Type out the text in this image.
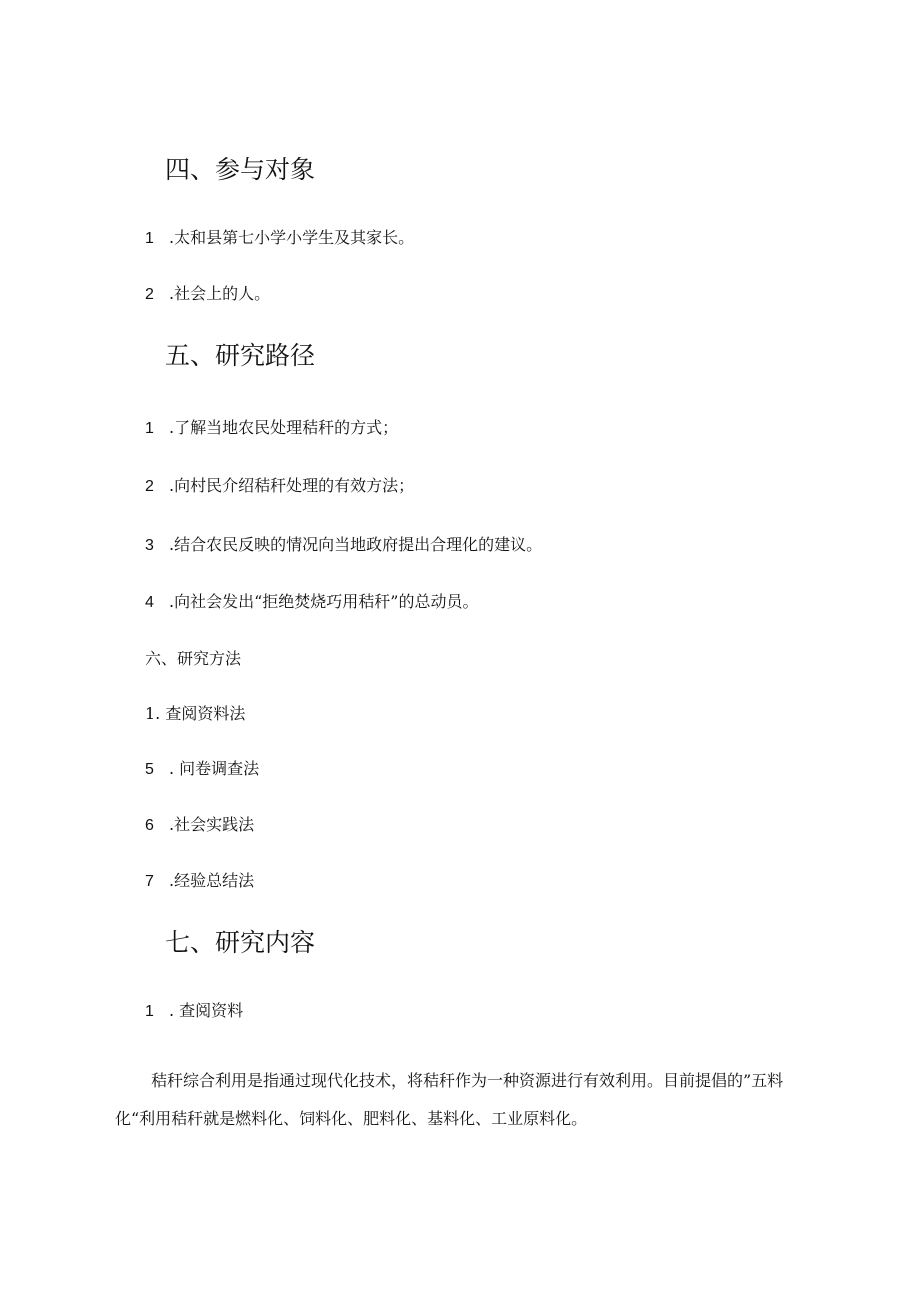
四、参与对象
1 .太和县第七小学小学生及其家长。
2 .社会上的人。
五、研究路径
1 .了解当地农民处理秸秆的方式；
2 .向村民介绍秸秆处理的有效方法；
3 .结合农民反映的情况向当地政府提出合理化的建议。
4 .向社会发出“拒绝焚烧巧用秸秆”的总动员。
六、研究方法
1. 查阅资料法
5 . 问卷调查法
6 .社会实践法
7 .经验总结法
七、研究内容
1 . 查阅资料
秸秆综合利用是指通过现代化技术，将秸秆作为一种资源进行有效利用。目前提倡的”五料化“利用秸秆就是燃料化、饲料化、肥料化、基料化、工业原料化。
